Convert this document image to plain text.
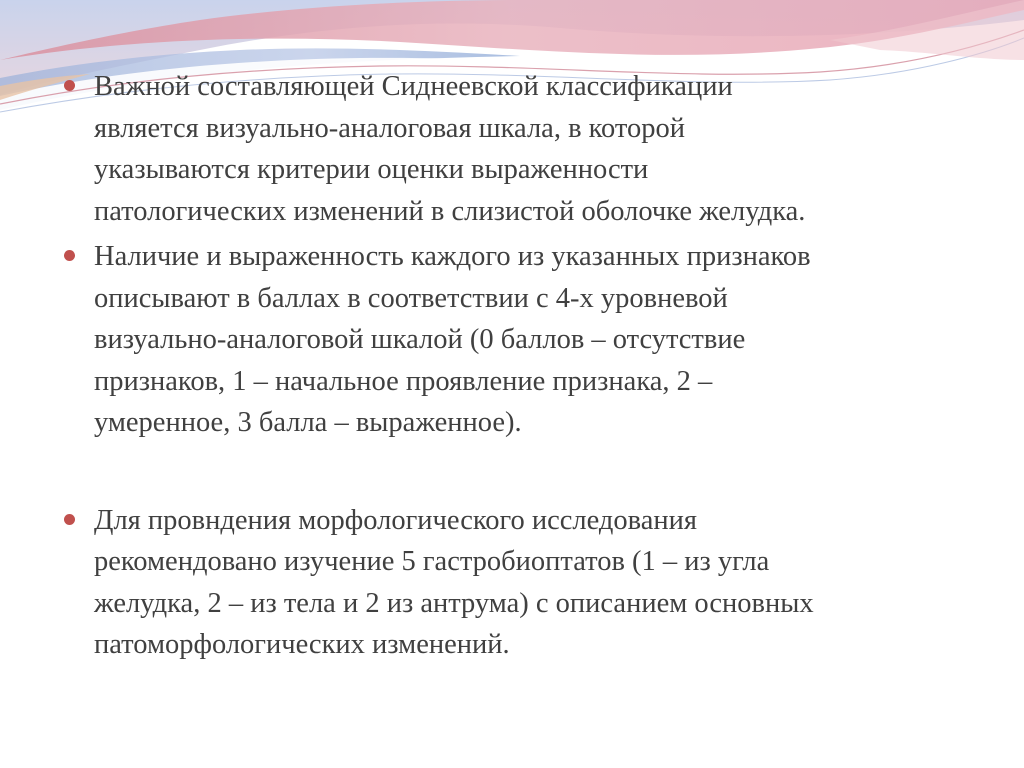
Важной составляющей Сиднеевской классификации
является визуально-аналоговая шкала, в которой
указываются критерии оценки выраженности
патологических изменений в слизистой оболочке желудка.
Наличие и выраженность каждого из указанных признаков
описывают в баллах в соответствии с 4-х уровневой
визуально-аналоговой шкалой (0 баллов – отсутствие
признаков, 1 – начальное проявление признака, 2 –
умеренное, 3 балла – выраженное).
Для провндения морфологического исследования
рекомендовано изучение 5 гастробиоптатов (1 – из угла
желудка, 2 – из тела и 2 из антрума) с описанием основных
патоморфологических изменений.
